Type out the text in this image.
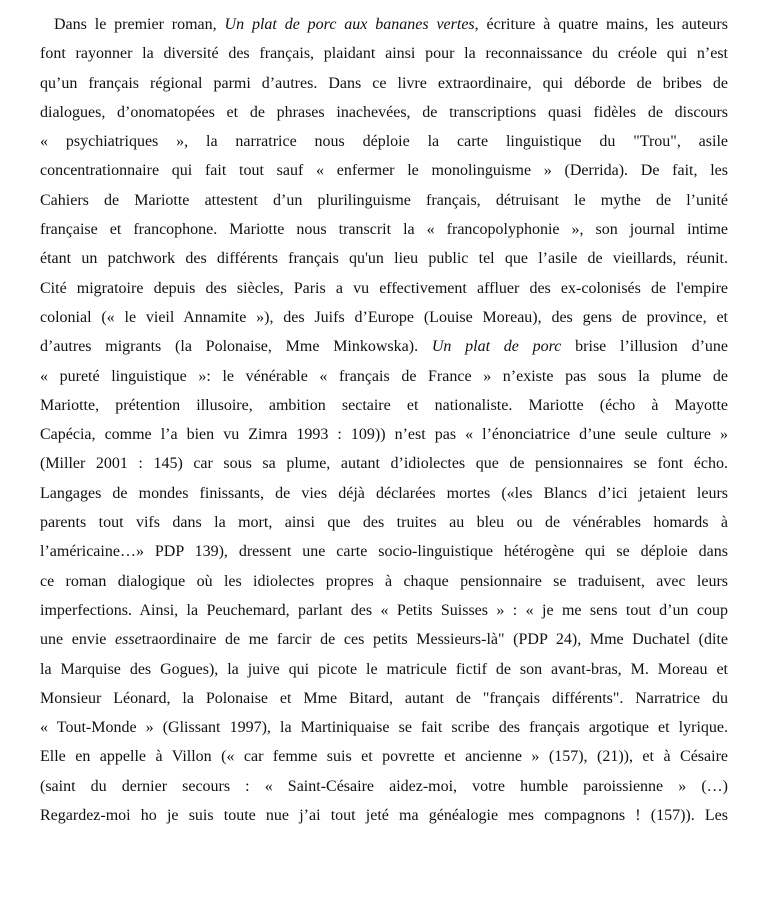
Dans le premier roman, Un plat de porc aux bananes vertes, écriture à quatre mains, les auteurs
font rayonner la diversité des français, plaidant ainsi pour la reconnaissance du créole qui n’est
qu’un français régional parmi d’autres. Dans ce livre extraordinaire, qui déborde de bribes de
dialogues, d’onomatopées et de phrases inachevées, de transcriptions quasi fidèles de discours
« psychiatriques », la narratrice nous déploie la carte linguistique du "Trou", asile
concentrationnaire qui fait tout sauf « enfermer le monolinguisme » (Derrida). De fait, les
Cahiers de Mariotte attestent d’un plurilinguisme français, détruisant le mythe de l’unité
française et francophone. Mariotte nous transcrit la « francopolyphonie », son journal intime
étant un patchwork des différents français qu'un lieu public tel que l’asile de vieillards, réunit.
Cité migratoire depuis des siècles, Paris a vu effectivement affluer des ex-colonisés de l'empire
colonial (« le vieil Annamite »), des Juifs d’Europe (Louise Moreau), des gens de province, et
d’autres migrants (la Polonaise, Mme Minkowska). Un plat de porc brise l’illusion d’une
« pureté linguistique »: le vénérable « français de France » n’existe pas sous la plume de
Mariotte, prétention illusoire, ambition sectaire et nationaliste. Mariotte (écho à Mayotte
Capécia, comme l’a bien vu Zimra 1993 : 109)) n’est pas « l’énonciatrice d’une seule culture »
(Miller 2001 : 145) car sous sa plume, autant d’idiolectes que de pensionnaires se font écho.
Langages de mondes finissants, de vies déjà déclarées mortes («les Blancs d’ici jetaient leurs
parents tout vifs dans la mort, ainsi que des truites au bleu ou de vénérables homards à
l’américaine…» PDP 139), dressent une carte socio-linguistique hétérogène qui se déploie dans
ce roman dialogique où les idiolectes propres à chaque pensionnaire se traduisent, avec leurs
imperfections. Ainsi, la Peuchemard, parlant des « Petits Suisses » : « je me sens tout d’un coup
une envie essetraordinaire de me farcir de ces petits Messieurs-là" (PDP 24), Mme Duchatel (dite
la Marquise des Gogues), la juive qui picote le matricule fictif de son avant-bras, M. Moreau et
Monsieur Léonard, la Polonaise et Mme Bitard, autant de "français différents". Narratrice du
« Tout-Monde » (Glissant 1997), la Martiniquaise se fait scribe des français argotique et lyrique.
Elle en appelle à Villon (« car femme suis et povrette et ancienne » (157), (21)), et à Césaire
(saint du dernier secours : « Saint-Césaire aidez-moi, votre humble paroissienne » (…)
Regardez-moi ho je suis toute nue j’ai tout jeté ma généalogie mes compagnons ! (157)). Les
